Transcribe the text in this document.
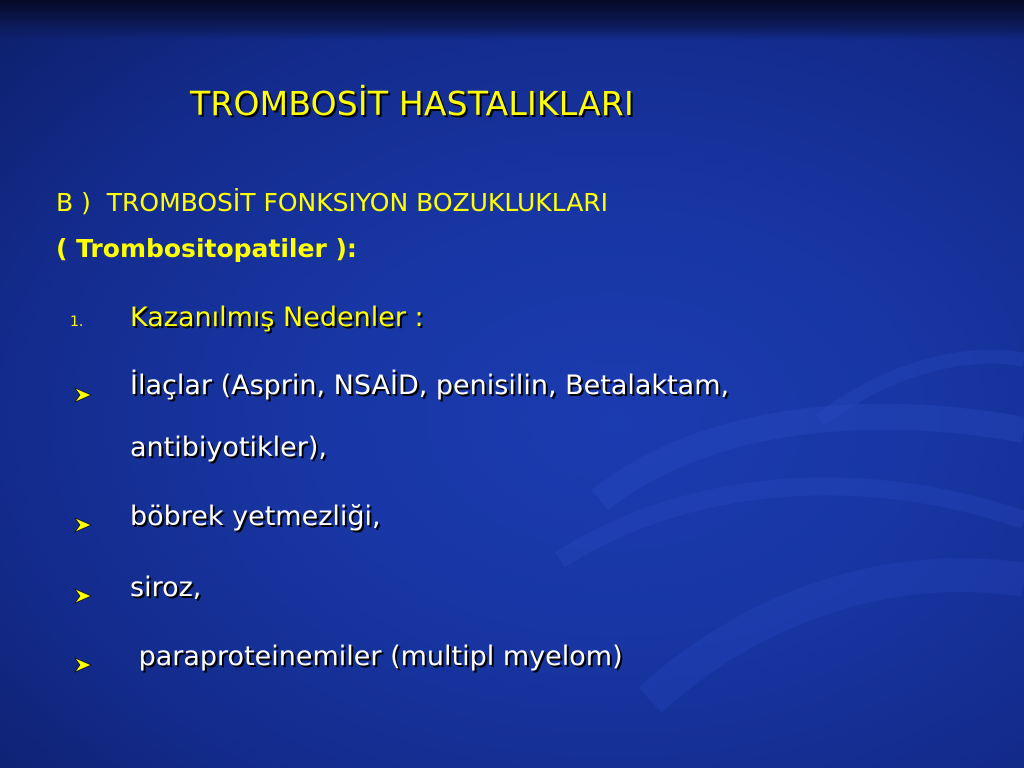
TROMBOSİT HASTALIKLARI

B )  TROMBOSİT FONKSIYON BOZUKLUKLARI

( Trombositopatiler ):

1. Kazanılmış Nedenler :
İlaçlar (Asprin, NSAİD, penisilin, Betalaktam,
antibiyotikler),
böbrek yetmezliği,
siroz,
paraproteinemiler (multipl myelom)
